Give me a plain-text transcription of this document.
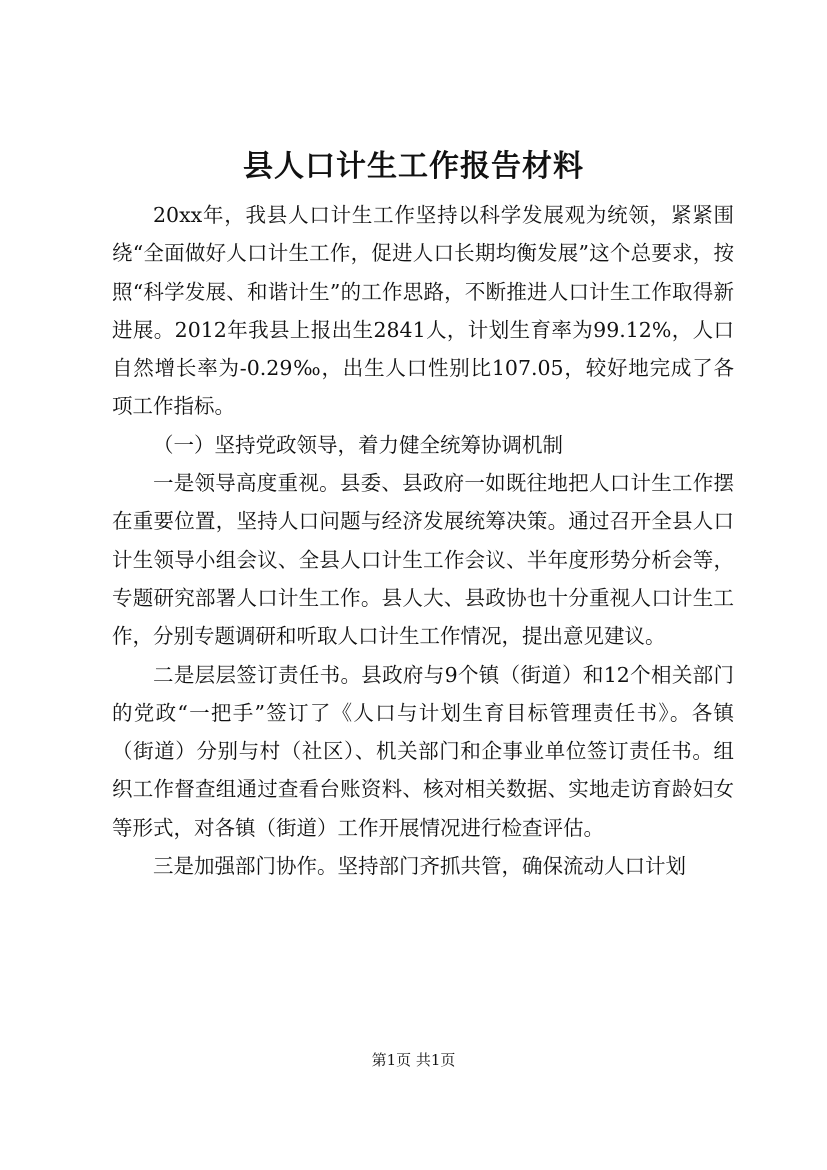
县人口计生工作报告材料

20xx年，我县人口计生工作坚持以科学发展观为统领，紧紧围绕“全面做好人口计生工作，促进人口长期均衡发展”这个总要求，按照“科学发展、和谐计生”的工作思路，不断推进人口计生工作取得新进展。2012年我县上报出生2841人，计划生育率为99.12%，人口自然增长率为-0.29‰，出生人口性别比107.05，较好地完成了各项工作指标。

（一）坚持党政领导，着力健全统筹协调机制

一是领导高度重视。县委、县政府一如既往地把人口计生工作摆在重要位置，坚持人口问题与经济发展统筹决策。通过召开全县人口计生领导小组会议、全县人口计生工作会议、半年度形势分析会等，专题研究部署人口计生工作。县人大、县政协也十分重视人口计生工作，分别专题调研和听取人口计生工作情况，提出意见建议。

二是层层签订责任书。县政府与9个镇（街道）和12个相关部门的党政“一把手”签订了《人口与计划生育目标管理责任书》。各镇（街道）分别与村（社区）、机关部门和企事业单位签订责任书。组织工作督查组通过查看台账资料、核对相关数据、实地走访育龄妇女等形式，对各镇（街道）工作开展情况进行检查评估。

三是加强部门协作。坚持部门齐抓共管，确保流动人口计划

第1页 共1页
